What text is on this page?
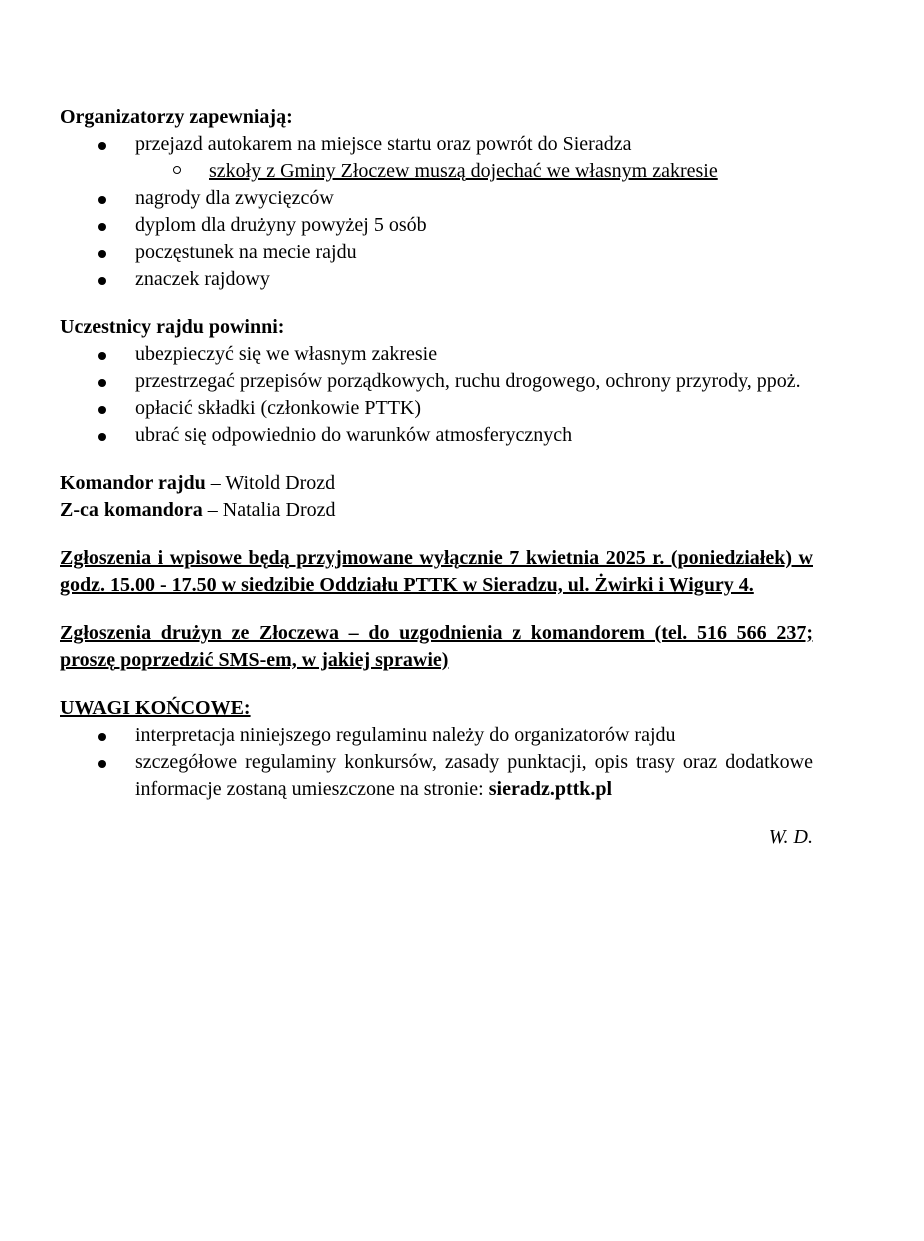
Organizatorzy zapewniają:

przejazd autokarem na miejsce startu oraz powrót do Sieradza
szkoły z Gminy Złoczew muszą dojechać we własnym zakresie
nagrody dla zwycięzców
dyplom dla drużyny powyżej 5 osób
poczęstunek na mecie rajdu
znaczek rajdowy

Uczestnicy rajdu powinni:

ubezpieczyć się we własnym zakresie
przestrzegać przepisów porządkowych, ruchu drogowego, ochrony przyrody, ppoż.
opłacić składki (członkowie PTTK)
ubrać się odpowiednio do warunków atmosferycznych

Komandor rajdu – Witold Drozd

Z-ca komandora – Natalia Drozd

Zgłoszenia i wpisowe będą przyjmowane wyłącznie 7 kwietnia 2025 r. (poniedziałek) w godz. 15.00 - 17.50 w siedzibie Oddziału PTTK w Sieradzu, ul. Żwirki i Wigury 4.

Zgłoszenia drużyn ze Złoczewa – do uzgodnienia z komandorem (tel. 516 566 237; proszę poprzedzić SMS-em, w jakiej sprawie)

UWAGI KOŃCOWE:

interpretacja niniejszego regulaminu należy do organizatorów rajdu
szczegółowe regulaminy konkursów, zasady punktacji, opis trasy oraz dodatkowe informacje zostaną umieszczone na stronie: sieradz.pttk.pl

W. D.
